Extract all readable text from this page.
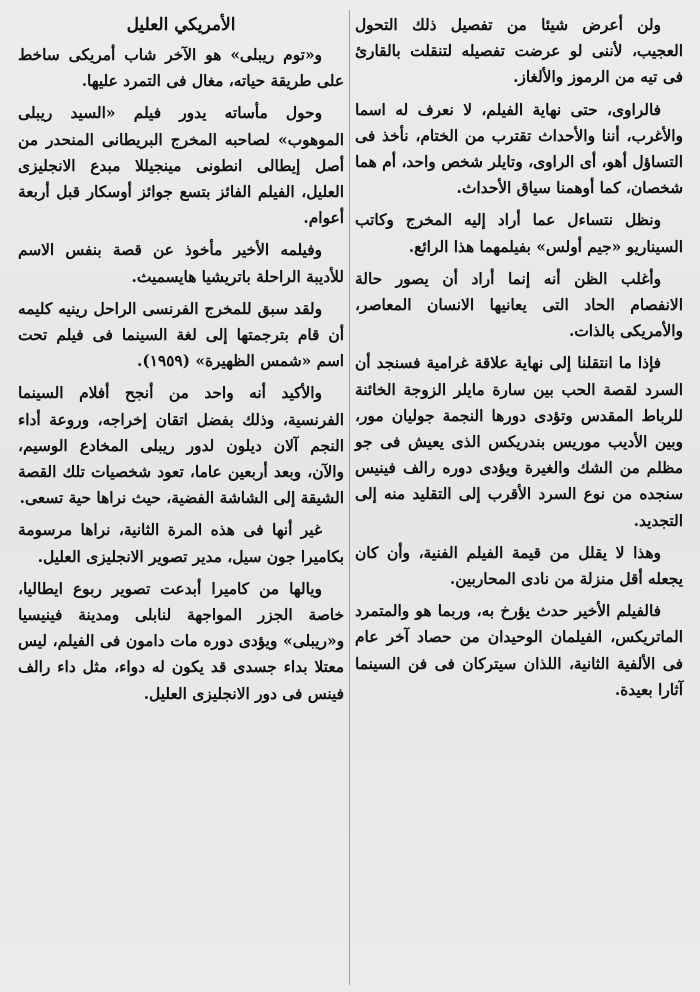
ولن أعرض شيئا من تفصيل ذلك التحول العجيب، لأننى لو عرضت تفصيله لتنقلت بالقارئ فى تيه من الرموز والألغاز.

فالراوى، حتى نهاية الفيلم، لا نعرف له اسما والأغرب، أننا والأحداث تقترب من الختام، نأخذ فى التساؤل أهو، أى الراوى، وتايلر شخص واحد، أم هما شخصان، كما أوهمنا سياق الأحداث.

ونظل نتساءل عما أراد إليه المخرج وكاتب السيناريو «جيم أولس» بفيلمهما هذا الرائع.

وأغلب الظن أنه إنما أراد أن يصور حالة الانفصام الحاد التى يعانيها الانسان المعاصر، والأمريكى بالذات.

فإذا ما انتقلنا إلى نهاية علاقة غرامية فسنجد أن السرد لقصة الحب بين سارة مايلر الزوجة الخائنة للرباط المقدس وتؤدى دورها النجمة جوليان مور، وبين الأديب موريس بندريكس الذى يعيش فى جو مظلم من الشك والغيرة ويؤدى دوره رالف فينيس سنجده من نوع السرد الأقرب إلى التقليد منه إلى التجديد.

وهذا لا يقلل من قيمة الفيلم الفنية، وأن كان يجعله أقل منزلة من نادى المحاربين.

فالفيلم الأخير حدث يؤرخ به، وربما هو والمتمرد الماتريكس، الفيلمان الوحيدان من حصاد آخر عام فى الألفية الثانية، اللذان سيتركان فى فن السينما آثارا بعيدة.

الأمريكي العليل

و«توم ريبلى» هو الآخر شاب أمريكى ساخط على طريقة حياته، مغال فى التمرد عليها.

وحول مأساته يدور فيلم «السيد ريبلى الموهوب» لصاحبه المخرج البريطانى المنحدر من أصل إيطالى انطونى مينجيللا مبدع الانجليزى العليل، الفيلم الفائز بتسع جوائز أوسكار قبل أربعة أعوام.

وفيلمه الأخير مأخوذ عن قصة بنفس الاسم للأديبة الراحلة باتريشيا هايسميث.

ولقد سبق للمخرج الفرنسى الراحل رينيه كليمه أن قام بترجمتها إلى لغة السينما فى فيلم تحت اسم «شمس الظهيرة» (١٩٥٩).

والأكيد أنه واحد من أنجح أفلام السينما الفرنسية، وذلك بفضل اتقان إخراجه، وروعة أداء النجم آلان ديلون لدور ريبلى المخادع الوسيم، والآن، وبعد أربعين عاما، تعود شخصيات تلك القصة الشيقة إلى الشاشة الفضية، حيث نراها حية تسعى.

غير أنها فى هذه المرة الثانية، نراها مرسومة بكاميرا جون سيل، مدير تصوير الانجليزى العليل.

ويالها من كاميرا أبدعت تصوير ربوع ايطاليا، خاصة الجزر المواجهة لنابلى ومدينة فينيسيا و«ريبلى» ويؤدى دوره مات دامون فى الفيلم، ليس معتلا بداء جسدى قد يكون له دواء، مثل داء رالف فينس فى دور الانجليزى العليل.
